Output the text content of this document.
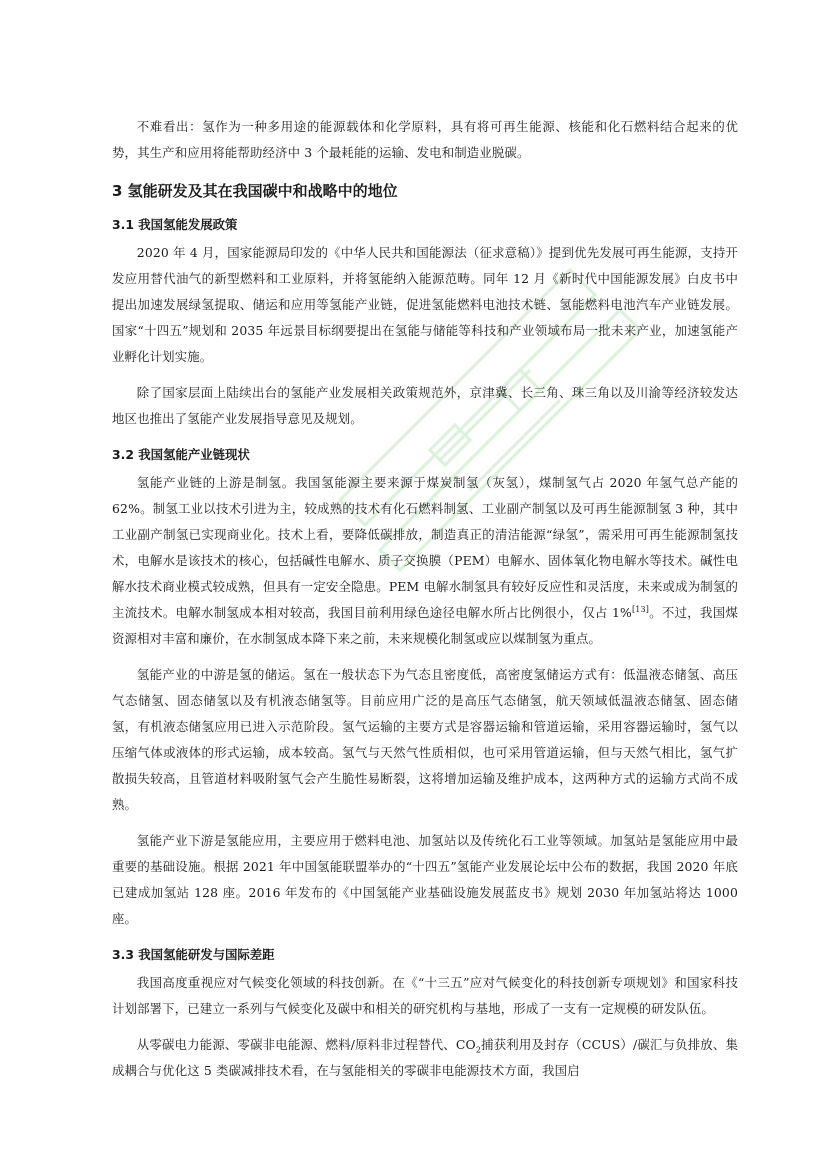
不难看出：氢作为一种多用途的能源载体和化学原料，具有将可再生能源、核能和化石燃料结合起来的优势，其生产和应用将能帮助经济中 3 个最耗能的运输、发电和制造业脱碳。

3 氢能研发及其在我国碳中和战略中的地位
3.1 我国氢能发展政策

2020 年 4 月，国家能源局印发的《中华人民共和国能源法（征求意稿）》提到优先发展可再生能源，支持开发应用替代油气的新型燃料和工业原料，并将氢能纳入能源范畴。同年 12 月《新时代中国能源发展》白皮书中提出加速发展绿氢提取、储运和应用等氢能产业链，促进氢能燃料电池技术链、氢能燃料电池汽车产业链发展。国家“十四五”规划和 2035 年远景目标纲要提出在氢能与储能等科技和产业领域布局一批未来产业，加速氢能产业孵化计划实施。

除了国家层面上陆续出台的氢能产业发展相关政策规范外，京津冀、长三角、珠三角以及川渝等经济较发达地区也推出了氢能产业发展指导意见及规划。

3.2 我国氢能产业链现状

氢能产业链的上游是制氢。我国氢能源主要来源于煤炭制氢（灰氢），煤制氢气占 2020 年氢气总产能的 62%。制氢工业以技术引进为主，较成熟的技术有化石燃料制氢、工业副产制氢以及可再生能源制氢 3 种，其中工业副产制氢已实现商业化。技术上看，要降低碳排放，制造真正的清洁能源“绿氢”，需采用可再生能源制氢技术，电解水是该技术的核心，包括碱性电解水、质子交换膜（PEM）电解水、固体氧化物电解水等技术。碱性电解水技术商业模式较成熟，但具有一定安全隐患。PEM 电解水制氢具有较好反应性和灵活度，未来或成为制氢的主流技术。电解水制氢成本相对较高，我国目前利用绿色途径电解水所占比例很小，仅占 1%[13]。不过，我国煤资源相对丰富和廉价，在水制氢成本降下来之前，未来规模化制氢或应以煤制氢为重点。

氢能产业的中游是氢的储运。氢在一般状态下为气态且密度低，高密度氢储运方式有：低温液态储氢、高压气态储氢、固态储氢以及有机液态储氢等。目前应用广泛的是高压气态储氢，航天领域低温液态储氢、固态储氢，有机液态储氢应用已进入示范阶段。氢气运输的主要方式是容器运输和管道运输，采用容器运输时，氢气以压缩气体或液体的形式运输，成本较高。氢气与天然气性质相似，也可采用管道运输，但与天然气相比，氢气扩散损失较高，且管道材料吸附氢气会产生脆性易断裂，这将增加运输及维护成本，这两种方式的运输方式尚不成熟。

氢能产业下游是氢能应用，主要应用于燃料电池、加氢站以及传统化石工业等领域。加氢站是氢能应用中最重要的基础设施。根据 2021 年中国氢能联盟举办的“十四五”氢能产业发展论坛中公布的数据，我国 2020 年底已建成加氢站 128 座。2016 年发布的《中国氢能产业基础设施发展蓝皮书》规划 2030 年加氢站将达 1000 座。

3.3 我国氢能研发与国际差距

我国高度重视应对气候变化领域的科技创新。在《“十三五”应对气候变化的科技创新专项规划》和国家科技计划部署下，已建立一系列与气候变化及碳中和相关的研究机构与基地，形成了一支有一定规模的研发队伍。

从零碳电力能源、零碳非电能源、燃料/原料非过程替代、$CO_2$捕获利用及封存（CCUS）/碳汇与负排放、集成耦合与优化这 5 类碳减排技术看，在与氢能相关的零碳非电能源技术方面，我国启
